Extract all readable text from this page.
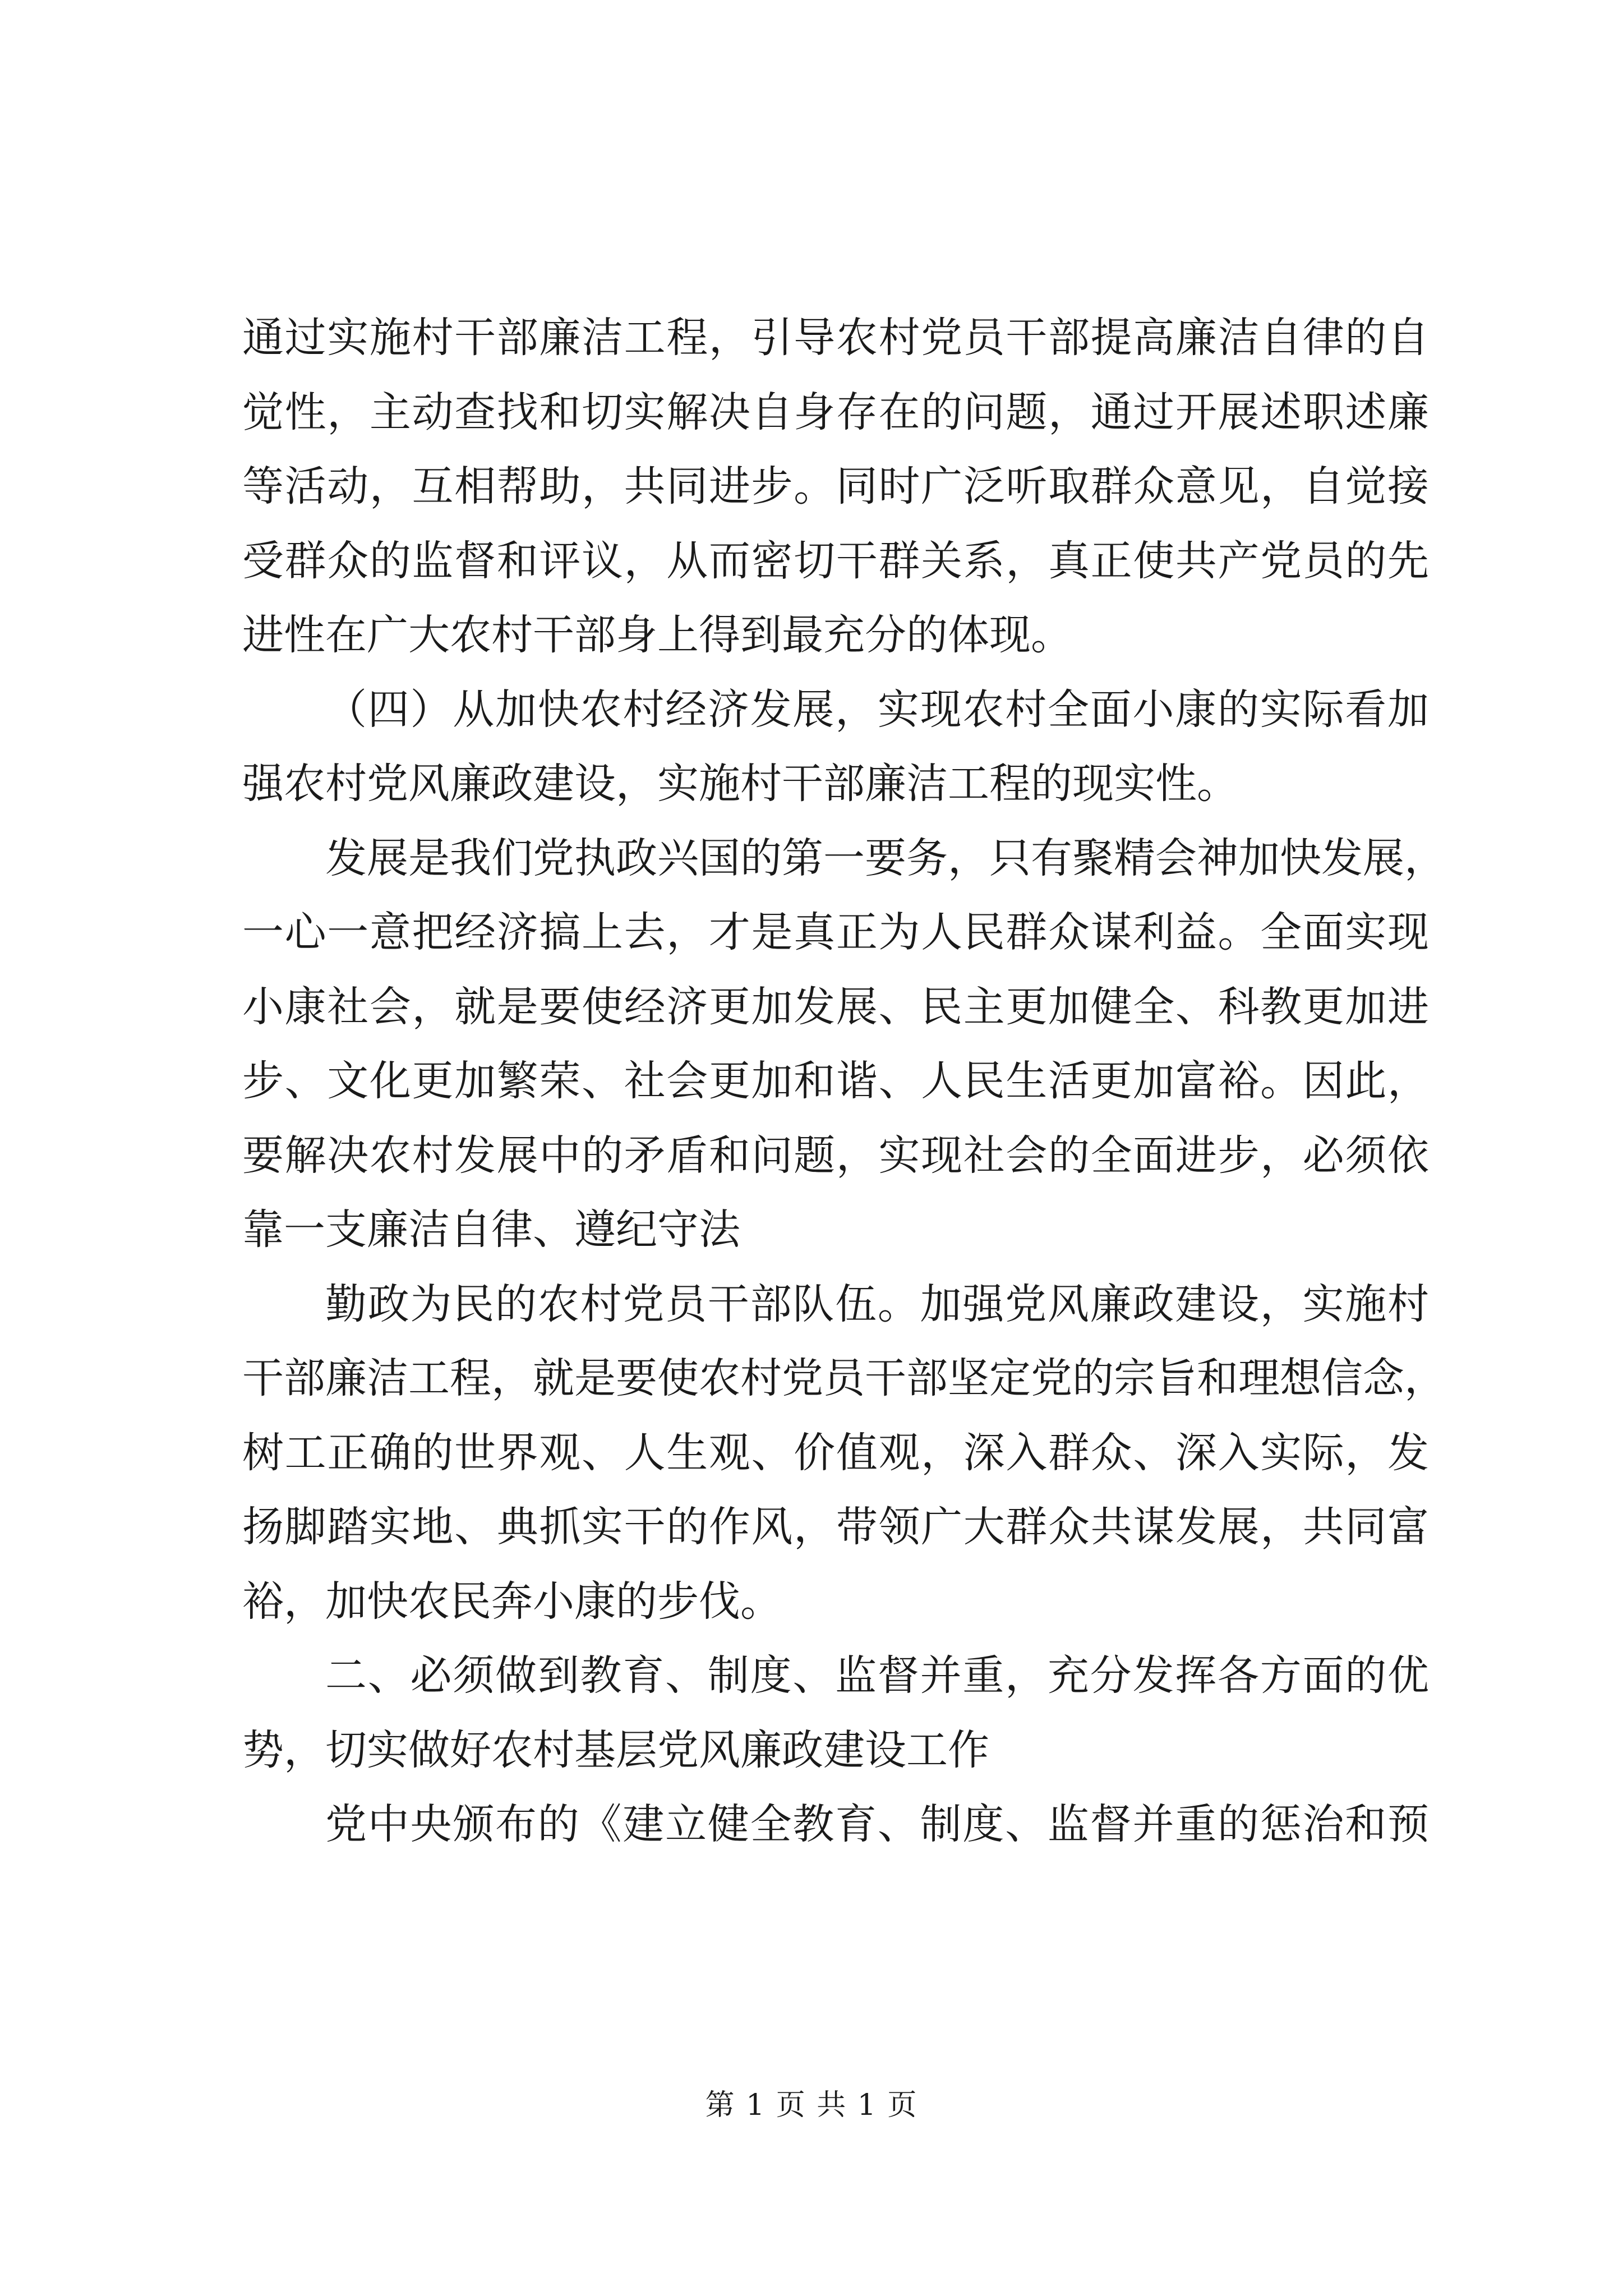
通过实施村干部廉洁工程，引导农村党员干部提高廉洁自律的自
觉性，主动查找和切实解决自身存在的问题，通过开展述职述廉
等活动，互相帮助，共同进步。同时广泛听取群众意见，自觉接
受群众的监督和评议，从而密切干群关系，真正使共产党员的先
进性在广大农村干部身上得到最充分的体现。
（四）从加快农村经济发展，实现农村全面小康的实际看加
强农村党风廉政建设，实施村干部廉洁工程的现实性。
发展是我们党执政兴国的第一要务，只有聚精会神加快发展，
一心一意把经济搞上去，才是真正为人民群众谋利益。全面实现
小康社会，就是要使经济更加发展、民主更加健全、科教更加进
步、文化更加繁荣、社会更加和谐、人民生活更加富裕。因此，
要解决农村发展中的矛盾和问题，实现社会的全面进步，必须依
靠一支廉洁自律、遵纪守法
勤政为民的农村党员干部队伍。加强党风廉政建设，实施村
干部廉洁工程，就是要使农村党员干部坚定党的宗旨和理想信念，
树工正确的世界观、人生观、价值观，深入群众、深入实际，发
扬脚踏实地、典抓实干的作风，带领广大群众共谋发展，共同富
裕，加快农民奔小康的步伐。
二、必须做到教育、制度、监督并重，充分发挥各方面的优
势，切实做好农村基层党风廉政建设工作
党中央颁布的《建立健全教育、制度、监督并重的惩治和预
第 1 页 共 1 页
